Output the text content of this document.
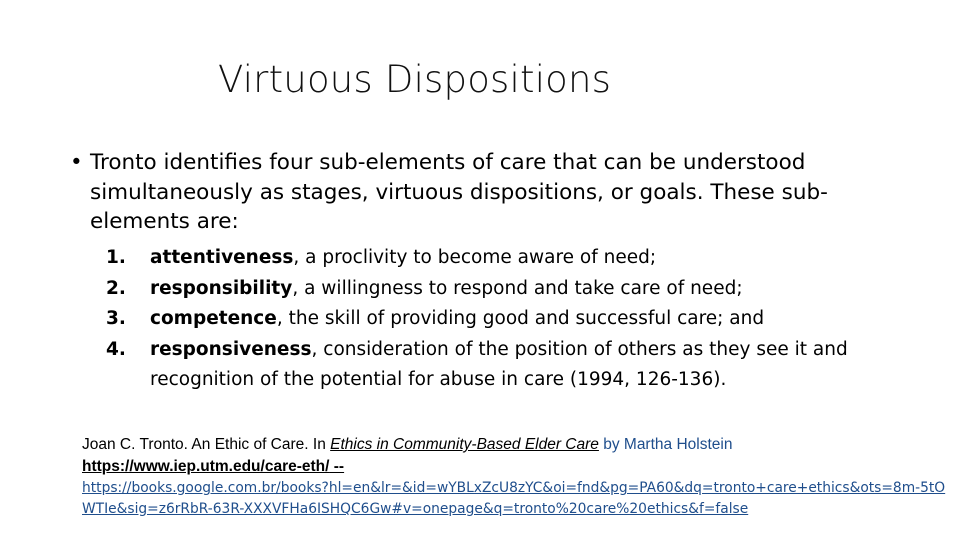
Virtuous Dispositions
• Tronto identifies four sub-elements of care that can be understood simultaneously as stages, virtuous dispositions, or goals. These sub-elements are:
1. attentiveness, a proclivity to become aware of need;
2. responsibility, a willingness to respond and take care of need;
3. competence, the skill of providing good and successful care; and
4. responsiveness, consideration of the position of others as they see it and recognition of the potential for abuse in care (1994, 126-136).
Joan C. Tronto. An Ethic of Care. In Ethics in Community-Based Elder Care by Martha Holstein
https://www.iep.utm.edu/care-eth/ --
https://books.google.com.br/books?hl=en&lr=&id=wYBLxZcU8zYC&oi=fnd&pg=PA60&dq=tronto+care+ethics&ots=8m-5tOWTIe&sig=z6rRbR-63R-XXXVFHa6ISHQC6Gw#v=onepage&q=tronto%20care%20ethics&f=false
